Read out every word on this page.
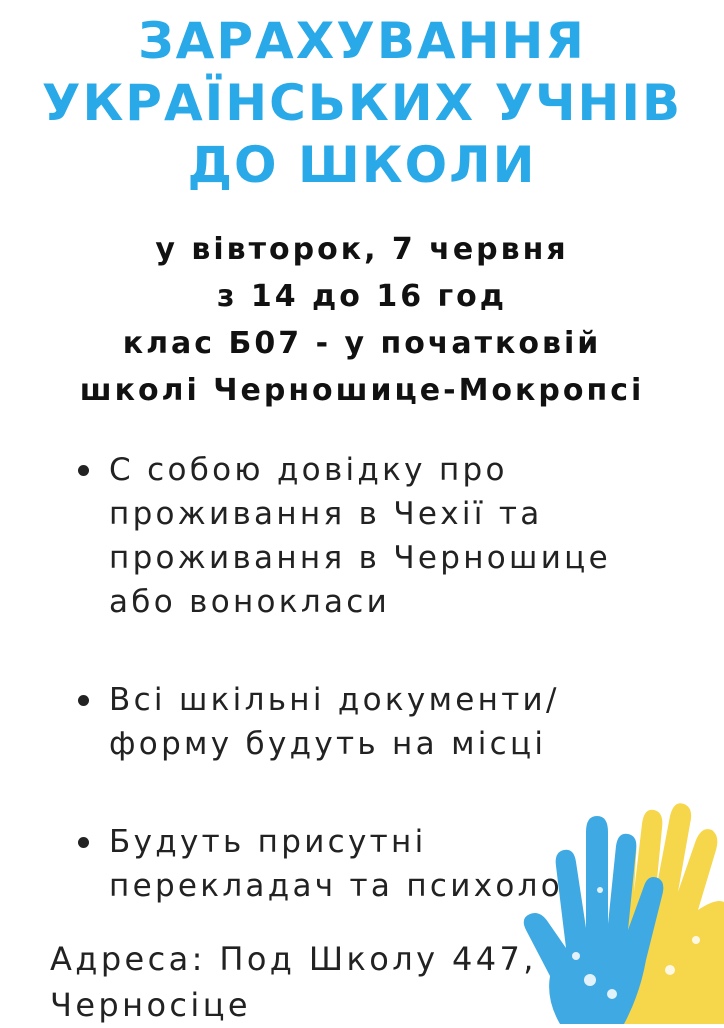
ЗАРАХУВАННЯ
УКРАЇНСЬКИХ УЧНІВ
ДО ШКОЛИ
у вівторок, 7 червня
з 14 до 16 год
клас Б07 - у початковій
школі Черношице-Мокропсі
С собою довідку про
проживання в Чехії та
проживання в Черношице
або воноклаcи
Всі шкільні документи/
форму будуть на місці
Будуть присутні
перекладач та психолог
Адреса: Под Школу 447,
Черносіце
